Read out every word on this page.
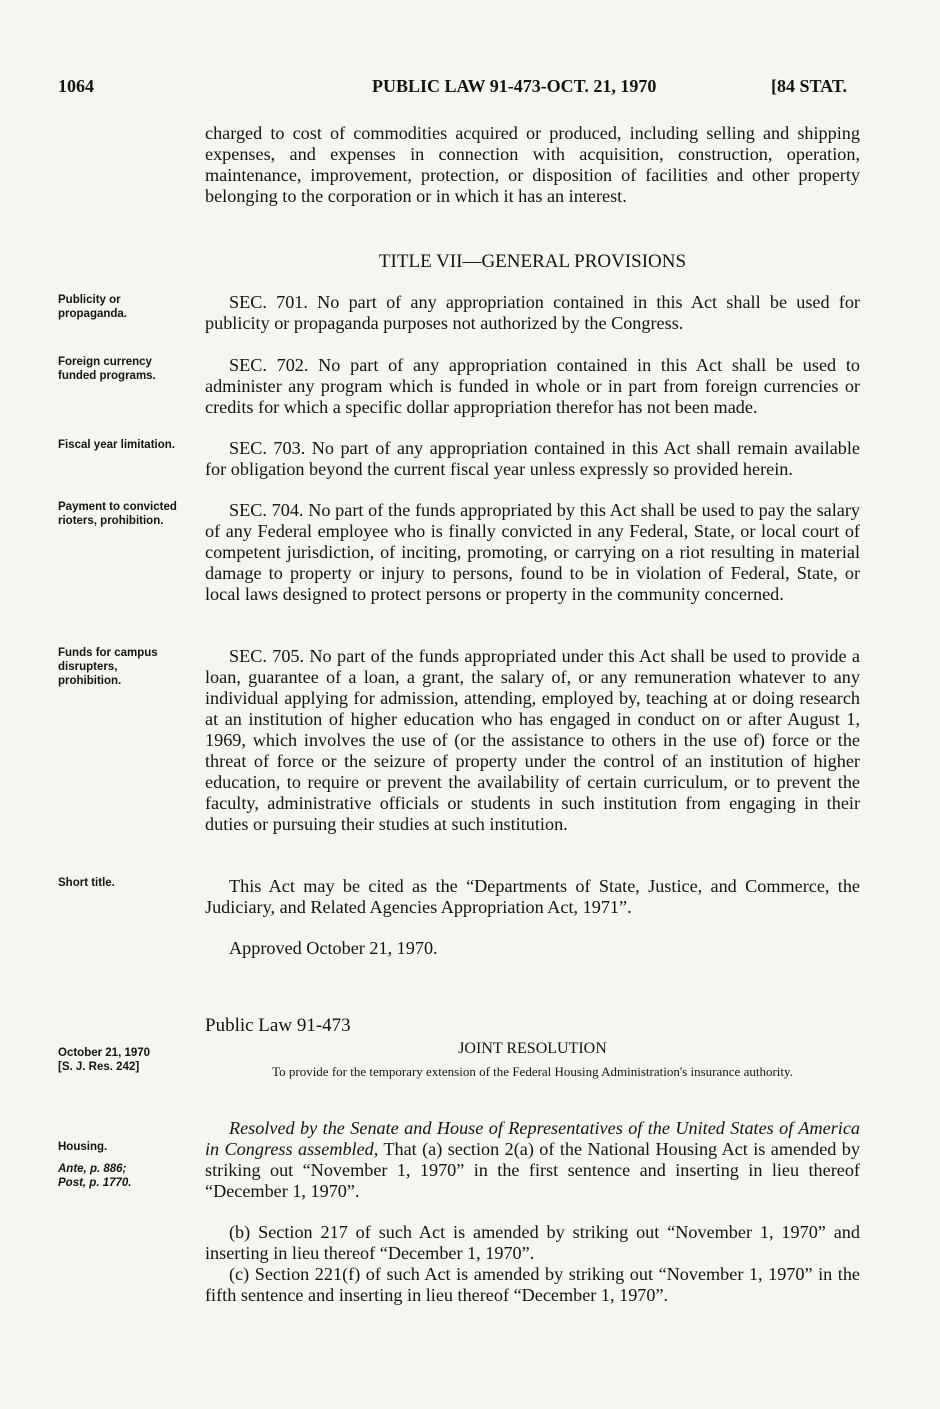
1064	PUBLIC LAW 91-473-OCT. 21, 1970	[84 STAT.

charged to cost of commodities acquired or produced, including selling and shipping expenses, and expenses in connection with acquisition, construction, operation, maintenance, improvement, protection, or disposition of facilities and other property belonging to the corporation or in which it has an interest.

TITLE VII—GENERAL PROVISIONS
Publicity or propaganda.
Foreign currency funded programs.
Fiscal year limitation.
Payment to convicted rioters, prohibition.
Funds for campus disrupters, prohibition.
Short title.
October 21, 1970
[S. J. Res. 242]
Housing.
Ante, p. 886;
Post, p. 1770.

SEC. 701. No part of any appropriation contained in this Act shall be used for publicity or propaganda purposes not authorized by the Congress.

SEC. 702. No part of any appropriation contained in this Act shall be used to administer any program which is funded in whole or in part from foreign currencies or credits for which a specific dollar appropriation therefor has not been made.

SEC. 703. No part of any appropriation contained in this Act shall remain available for obligation beyond the current fiscal year unless expressly so provided herein.

SEC. 704. No part of the funds appropriated by this Act shall be used to pay the salary of any Federal employee who is finally convicted in any Federal, State, or local court of competent jurisdiction, of inciting, promoting, or carrying on a riot resulting in material damage to property or injury to persons, found to be in violation of Federal, State, or local laws designed to protect persons or property in the community concerned.

SEC. 705. No part of the funds appropriated under this Act shall be used to provide a loan, guarantee of a loan, a grant, the salary of, or any remuneration whatever to any individual applying for admission, attending, employed by, teaching at or doing research at an institution of higher education who has engaged in conduct on or after August 1, 1969, which involves the use of (or the assistance to others in the use of) force or the threat of force or the seizure of property under the control of an institution of higher education, to require or prevent the availability of certain curriculum, or to prevent the faculty, administrative officials or students in such institution from engaging in their duties or pursuing their studies at such institution.

This Act may be cited as the “Departments of State, Justice, and Commerce, the Judiciary, and Related Agencies Appropriation Act, 1971”.

Approved October 21, 1970.

Public Law 91-473
JOINT RESOLUTION
To provide for the temporary extension of the Federal Housing Administration's insurance authority.

Resolved by the Senate and House of Representatives of the United States of America in Congress assembled, That (a) section 2(a) of the National Housing Act is amended by striking out “November 1, 1970” in the first sentence and inserting in lieu thereof “December 1, 1970”.

(b) Section 217 of such Act is amended by striking out “November 1, 1970” and inserting in lieu thereof “December 1, 1970”.

(c) Section 221(f) of such Act is amended by striking out “November 1, 1970” in the fifth sentence and inserting in lieu thereof “December 1, 1970”.
